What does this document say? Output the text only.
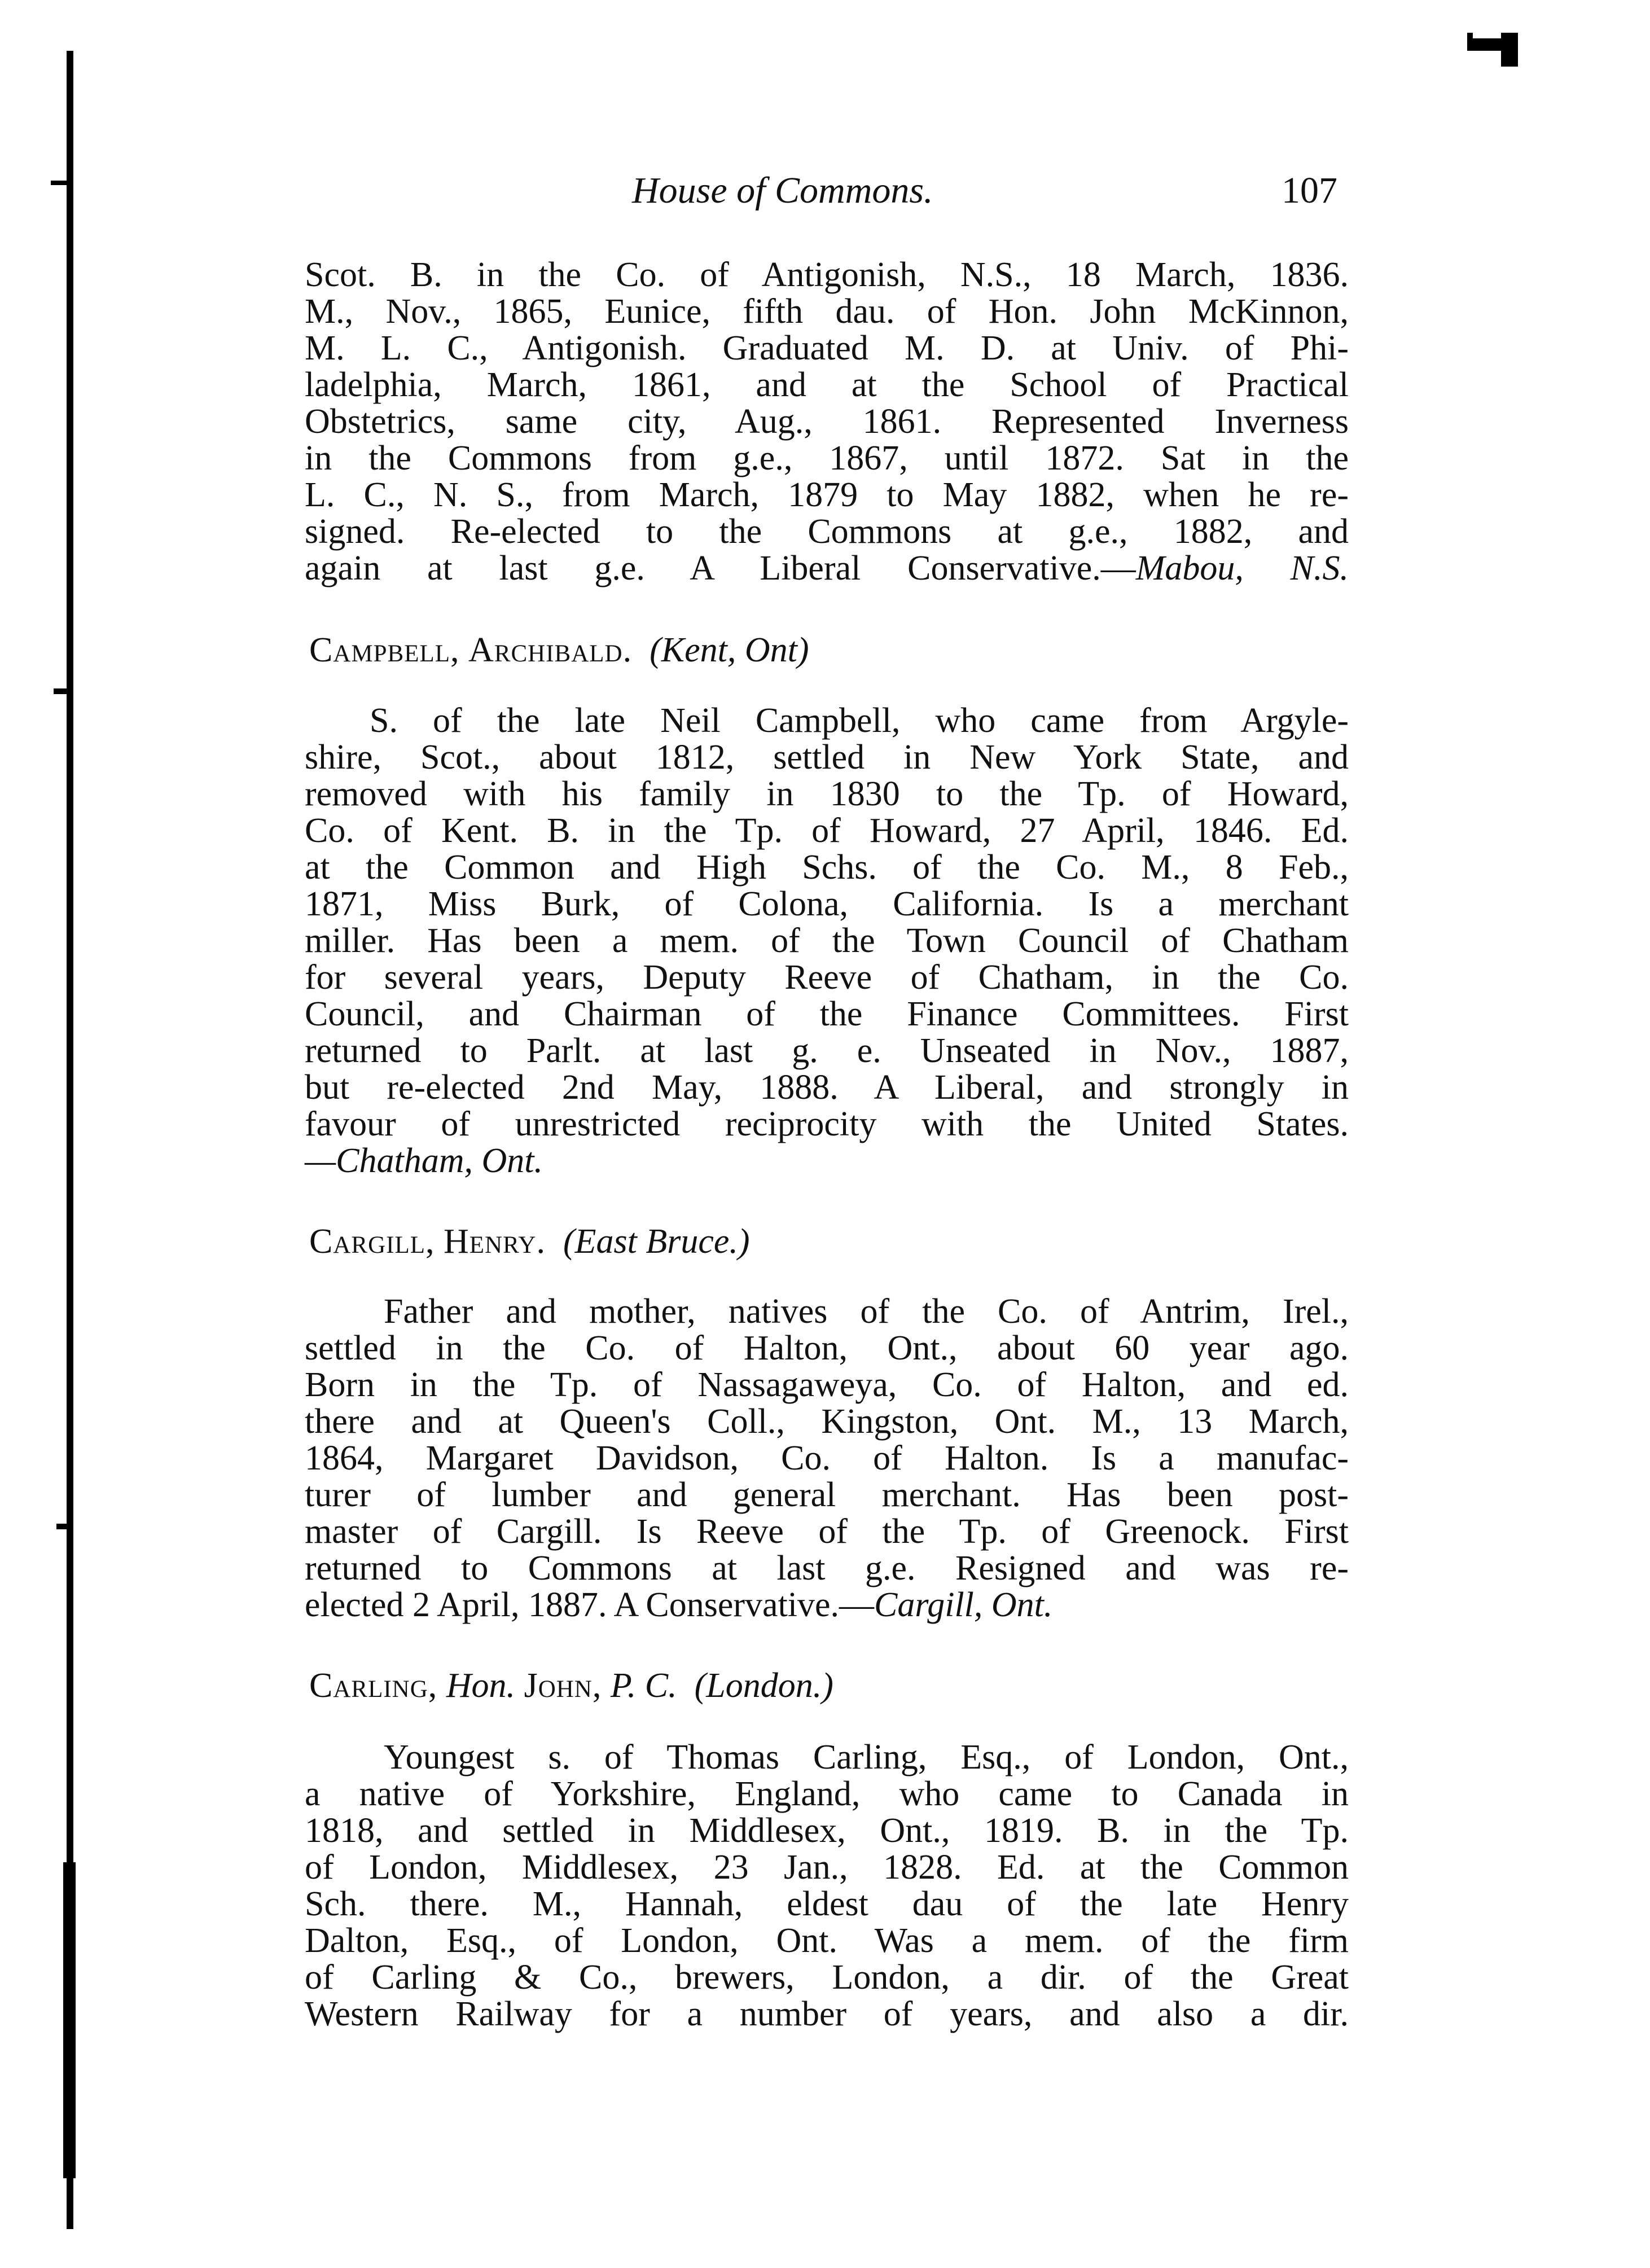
House of Commons.	107
Scot. B. in the Co. of Antigonish, N.S., 18 March, 1836.
M., Nov., 1865, Eunice, fifth dau. of Hon. John McKinnon,
M. L. C., Antigonish. Graduated M. D. at Univ. of Phi-
ladelphia, March, 1861, and at the School of Practical
Obstetrics, same city, Aug., 1861. Represented Inverness
in the Commons from g.e., 1867, until 1872. Sat in the
L. C., N. S., from March, 1879 to May 1882, when he re-
signed. Re-elected to the Commons at g.e., 1882, and
again at last g.e. A Liberal Conservative.—Mabou, N.S.
Campbell, Archibald. (Kent, Ont)
S. of the late Neil Campbell, who came from Argyle-
shire, Scot., about 1812, settled in New York State, and
removed with his family in 1830 to the Tp. of Howard,
Co. of Kent. B. in the Tp. of Howard, 27 April, 1846. Ed.
at the Common and High Schs. of the Co. M., 8 Feb.,
1871, Miss Burk, of Colona, California. Is a merchant
miller. Has been a mem. of the Town Council of Chatham
for several years, Deputy Reeve of Chatham, in the Co.
Council, and Chairman of the Finance Committees. First
returned to Parlt. at last g. e. Unseated in Nov., 1887,
but re-elected 2nd May, 1888. A Liberal, and strongly in
favour of unrestricted reciprocity with the United States.
—Chatham, Ont.
Cargill, Henry. (East Bruce.)
Father and mother, natives of the Co. of Antrim, Irel.,
settled in the Co. of Halton, Ont., about 60 year ago.
Born in the Tp. of Nassagaweya, Co. of Halton, and ed.
there and at Queen's Coll., Kingston, Ont. M., 13 March,
1864, Margaret Davidson, Co. of Halton. Is a manufac-
turer of lumber and general merchant. Has been post-
master of Cargill. Is Reeve of the Tp. of Greenock. First
returned to Commons at last g.e. Resigned and was re-
elected 2 April, 1887. A Conservative.—Cargill, Ont.
Carling, Hon. John, P. C. (London.)
Youngest s. of Thomas Carling, Esq., of London, Ont.,
a native of Yorkshire, England, who came to Canada in
1818, and settled in Middlesex, Ont., 1819. B. in the Tp.
of London, Middlesex, 23 Jan., 1828. Ed. at the Common
Sch. there. M., Hannah, eldest dau of the late Henry
Dalton, Esq., of London, Ont. Was a mem. of the firm
of Carling & Co., brewers, London, a dir. of the Great
Western Railway for a number of years, and also a dir.
